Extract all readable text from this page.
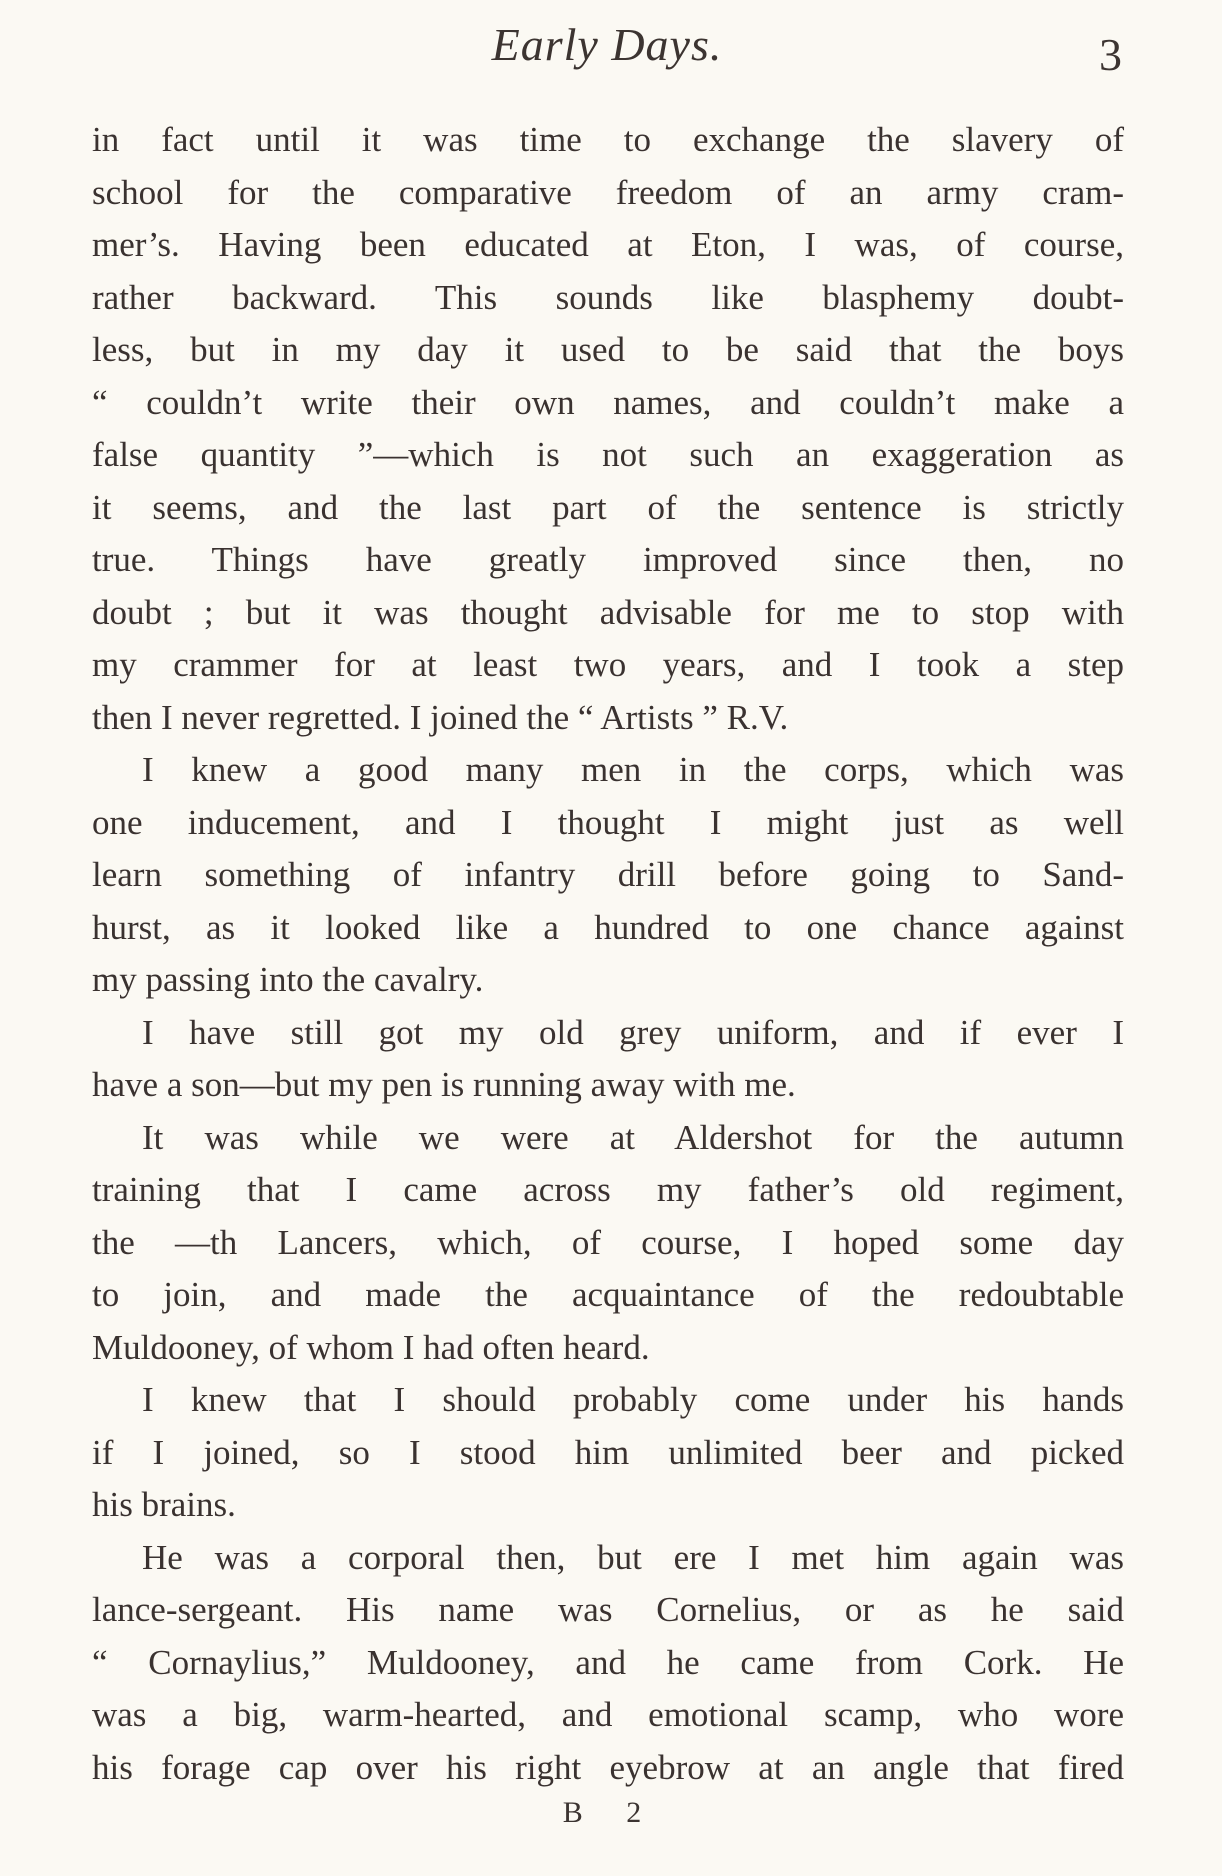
Early Days.	3
in fact until it was time to exchange the slavery of
school for the comparative freedom of an army cram-
mer’s. Having been educated at Eton, I was, of course,
rather backward. This sounds like blasphemy doubt-
less, but in my day it used to be said that the boys
“ couldn’t write their own names, and couldn’t make a
false quantity ”—which is not such an exaggeration as
it seems, and the last part of the sentence is strictly
true. Things have greatly improved since then, no
doubt ; but it was thought advisable for me to stop with
my crammer for at least two years, and I took a step
then I never regretted. I joined the “ Artists ” R.V.
I knew a good many men in the corps, which was
one inducement, and I thought I might just as well
learn something of infantry drill before going to Sand-
hurst, as it looked like a hundred to one chance against
my passing into the cavalry.
I have still got my old grey uniform, and if ever I
have a son—but my pen is running away with me.
It was while we were at Aldershot for the autumn
training that I came across my father’s old regiment,
the —th Lancers, which, of course, I hoped some day
to join, and made the acquaintance of the redoubtable
Muldooney, of whom I had often heard.
I knew that I should probably come under his hands
if I joined, so I stood him unlimited beer and picked
his brains.
He was a corporal then, but ere I met him again was
lance-sergeant. His name was Cornelius, or as he said
“ Cornaylius,” Muldooney, and he came from Cork. He
was a big, warm-hearted, and emotional scamp, who wore
his forage cap over his right eyebrow at an angle that fired
B 2
